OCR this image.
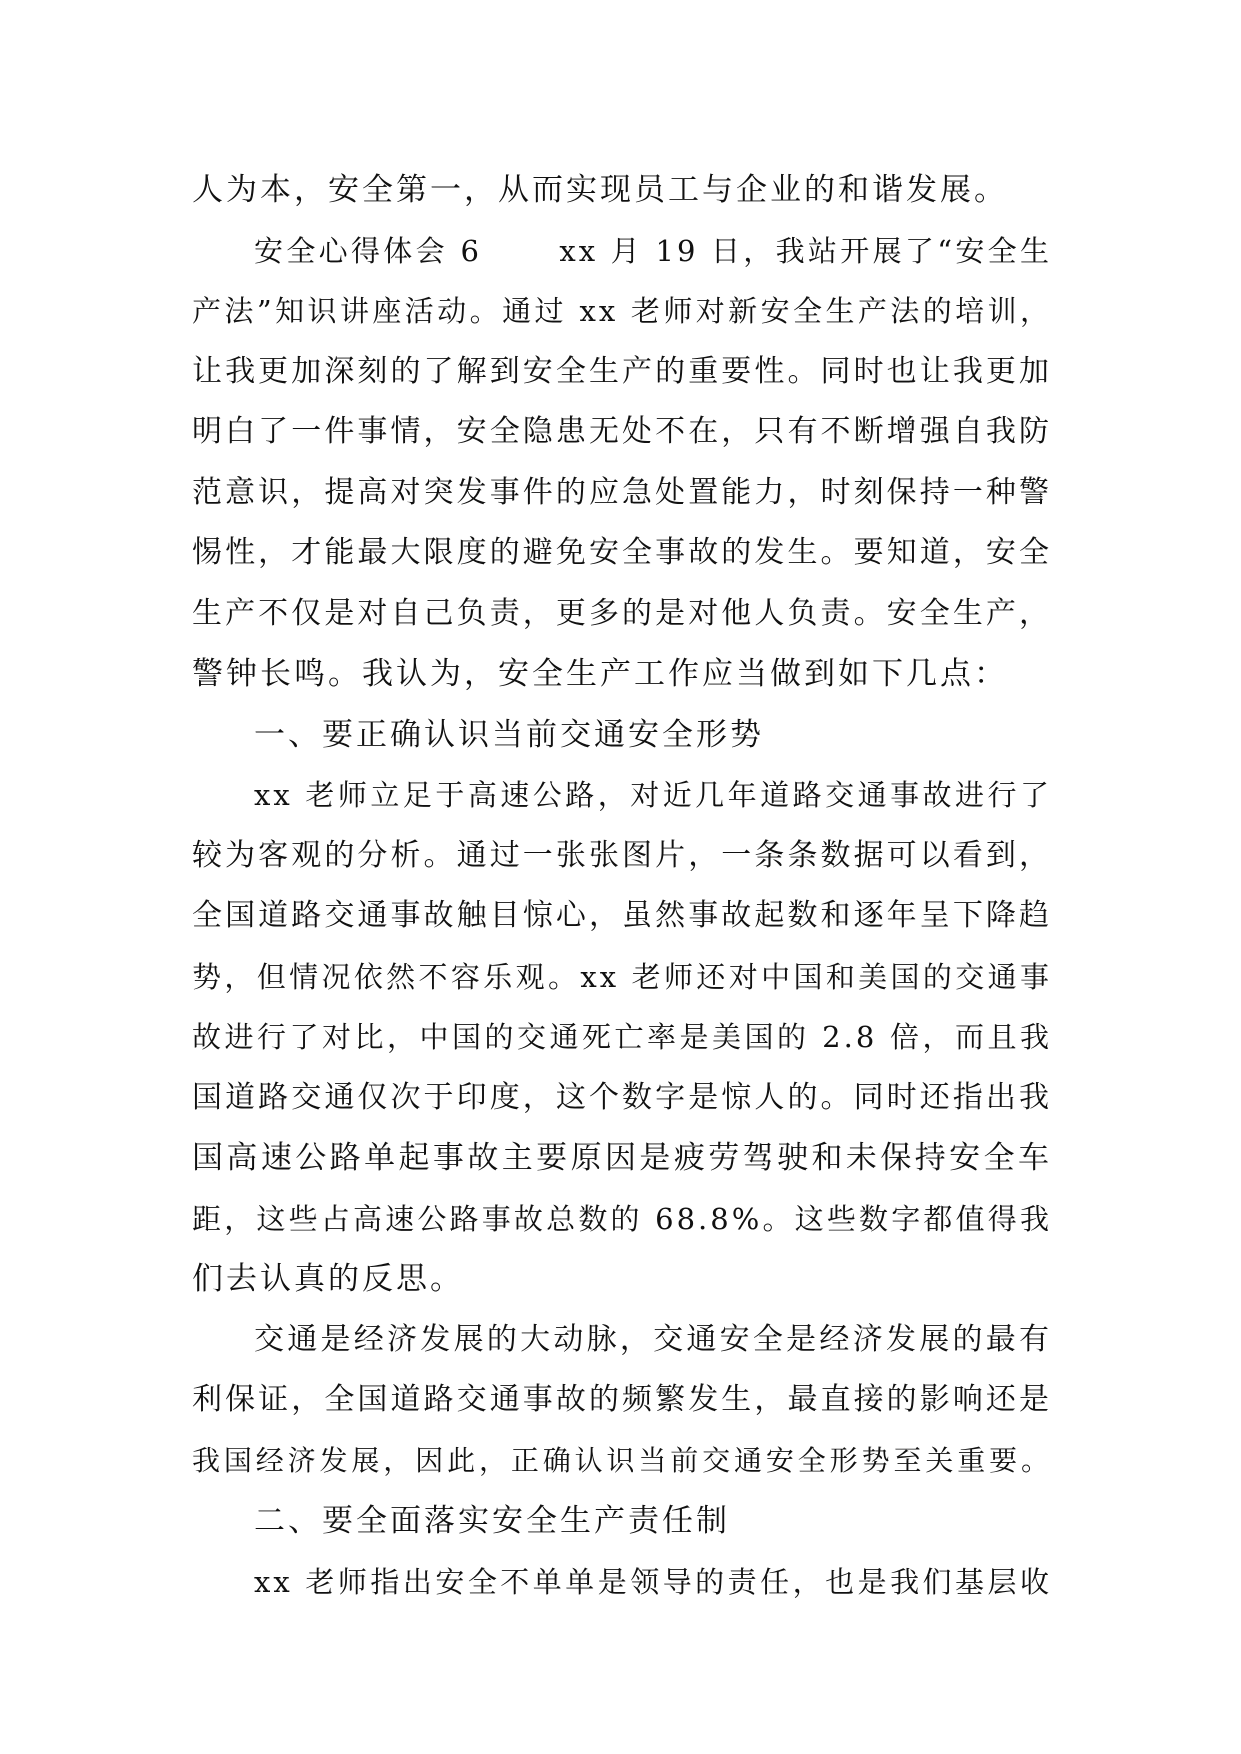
人为本，安全第一，从而实现员工与企业的和谐发展。
安全心得体会 6　　 xx 月 19 日，我站开展了“安全生
产法”知识讲座活动。通过 xx 老师对新安全生产法的培训，
让我更加深刻的了解到安全生产的重要性。同时也让我更加
明白了一件事情，安全隐患无处不在，只有不断增强自我防
范意识，提高对突发事件的应急处置能力，时刻保持一种警
惕性，才能最大限度的避免安全事故的发生。要知道，安全
生产不仅是对自己负责，更多的是对他人负责。安全生产，
警钟长鸣。我认为，安全生产工作应当做到如下几点：
一、要正确认识当前交通安全形势
xx 老师立足于高速公路，对近几年道路交通事故进行了
较为客观的分析。通过一张张图片，一条条数据可以看到，
全国道路交通事故触目惊心，虽然事故起数和逐年呈下降趋
势，但情况依然不容乐观。xx 老师还对中国和美国的交通事
故进行了对比，中国的交通死亡率是美国的 2.8 倍，而且我
国道路交通仅次于印度，这个数字是惊人的。同时还指出我
国高速公路单起事故主要原因是疲劳驾驶和未保持安全车
距，这些占高速公路事故总数的 68.8%。这些数字都值得我
们去认真的反思。
交通是经济发展的大动脉，交通安全是经济发展的最有
利保证，全国道路交通事故的频繁发生，最直接的影响还是
我国经济发展，因此，正确认识当前交通安全形势至关重要。
二、要全面落实安全生产责任制
xx 老师指出安全不单单是领导的责任，也是我们基层收
